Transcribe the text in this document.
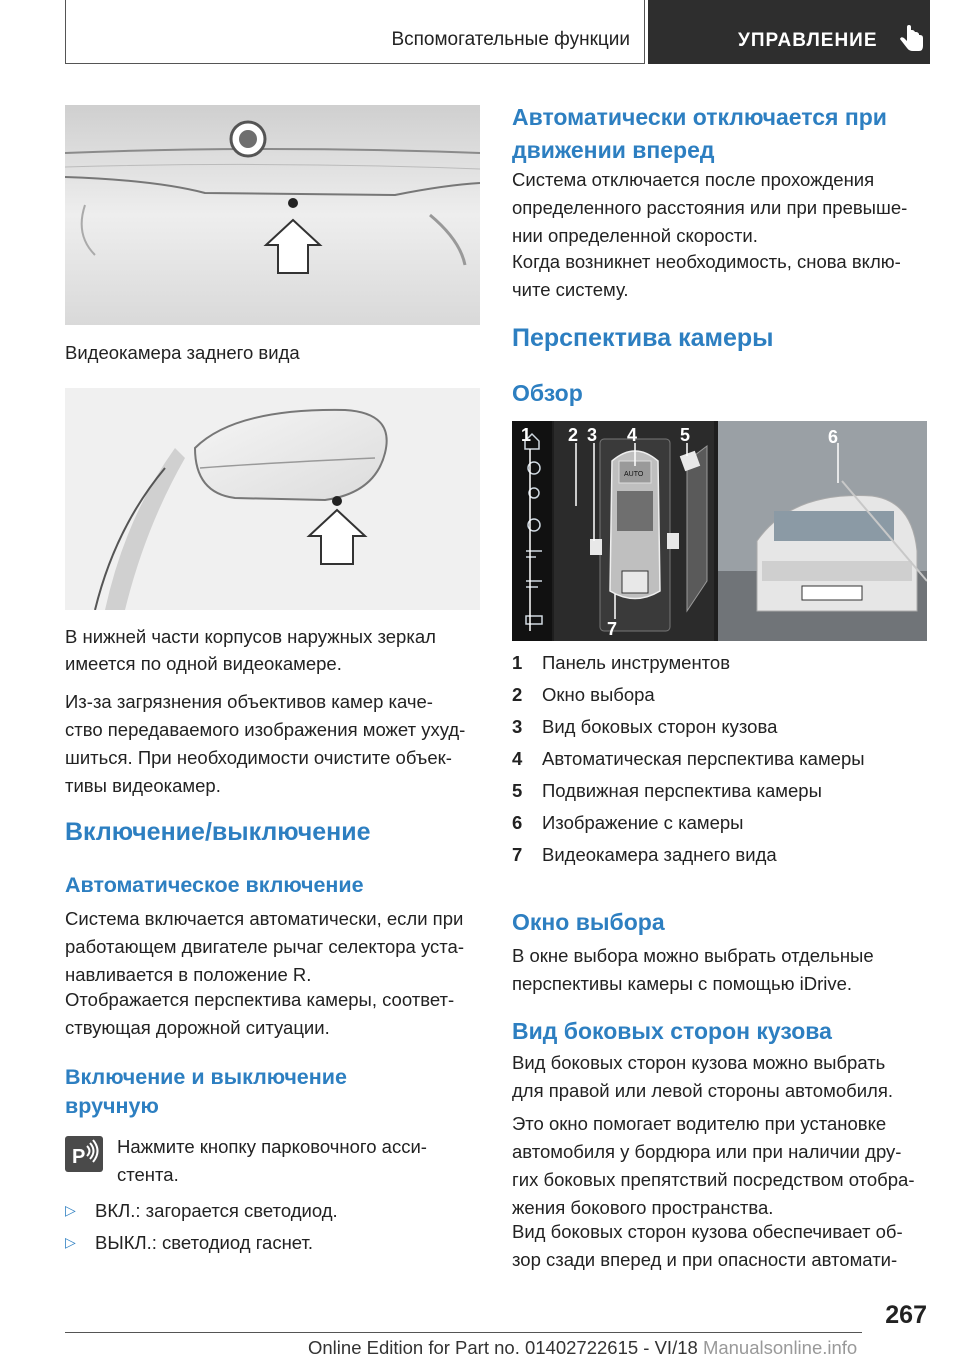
Вспомогательные функции	УПРАВЛЕНИЕ
Видеокамера заднего вида
В нижней части корпусов наружных зеркал
имеется по одной видеокамере.
Из-за загрязнения объективов камер каче-
ство передаваемого изображения может ухуд-
шиться. При необходимости очистите объек-
тивы видеокамер.
Включение/выключение
Автоматическое включение
Система включается автоматически, если при
работающем двигателе рычаг селектора уста-
навливается в положение R.
Отображается перспектива камеры, соответ-
ствующая дорожной ситуации.
Включение и выключение
вручную
P Нажмите кнопку парковочного асси-
стента.
▷ ВКЛ.: загорается светодиод.
▷ ВЫКЛ.: светодиод гаснет.
Автоматически отключается при
движении вперед
Система отключается после прохождения
определенного расстояния или при превыше-
нии определенной скорости.
Когда возникнет необходимость, снова вклю-
чите систему.
Перспектива камеры
Обзор
AUTO
1 2 3 4 5	6
7
1 Панель инструментов
2 Окно выбора
3 Вид боковых сторон кузова
4 Автоматическая перспектива камеры
5 Подвижная перспектива камеры
6 Изображение с камеры
7 Видеокамера заднего вида
Окно выбора
В окне выбора можно выбрать отдельные
перспективы камеры с помощью iDrive.
Вид боковых сторон кузова
Вид боковых сторон кузова можно выбрать
для правой или левой стороны автомобиля.
Это окно помогает водителю при установке
автомобиля у бордюра или при наличии дру-
гих боковых препятствий посредством отобра-
жения бокового пространства.
Вид боковых сторон кузова обеспечивает об-
зор сзади вперед и при опасности автомати-
267
Online Edition for Part no. 01402722615 - VI/18 Manualsonline.info
